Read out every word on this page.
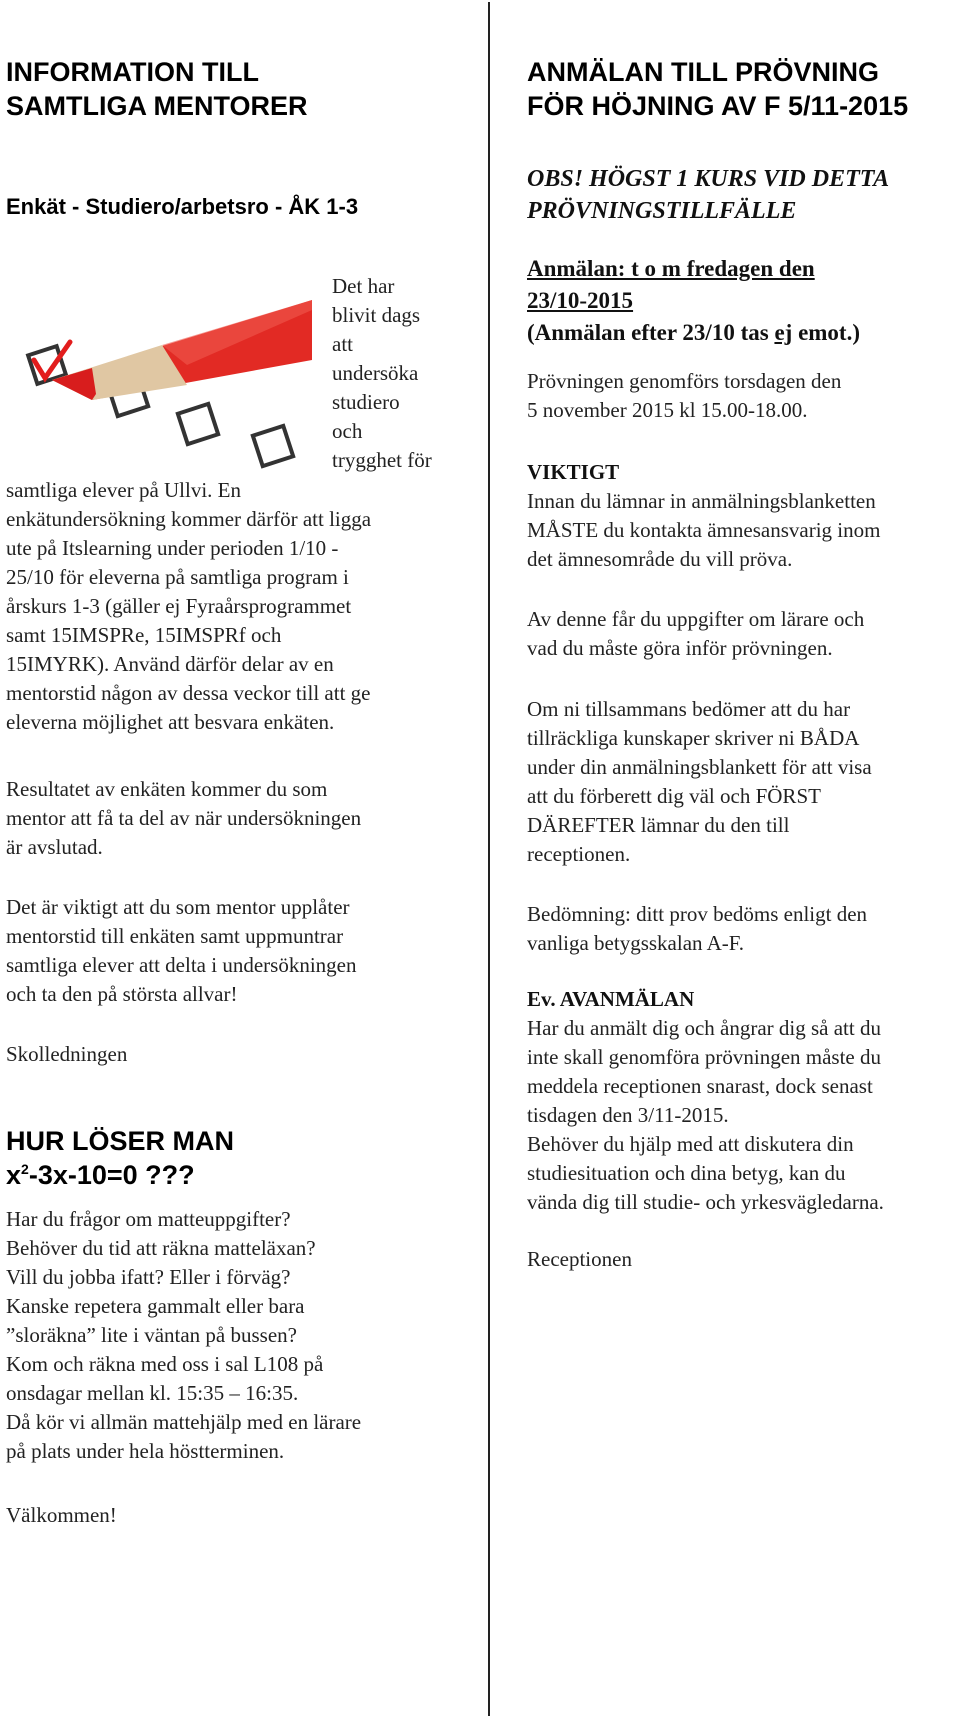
INFORMATION TILL
SAMTLIGA MENTORER
Enkät - Studiero/arbetsro - ÅK 1-3

Det har
blivit dags
att
undersöka
studiero
och
trygghet för

samtliga elever på Ullvi. En
enkätundersökning kommer därför att ligga
ute på Itslearning under perioden 1/10 -
25/10 för eleverna på samtliga program i
årskurs 1-3 (gäller ej Fyraårsprogrammet
samt 15IMSPRe, 15IMSPRf och
15IMYRK). Använd därför delar av en
mentorstid någon av dessa veckor till att ge
eleverna möjlighet att besvara enkäten.

Resultatet av enkäten kommer du som
mentor att få ta del av när undersökningen
är avslutad.

Det är viktigt att du som mentor upplåter
mentorstid till enkäten samt uppmuntrar
samtliga elever att delta i undersökningen
och ta den på största allvar!

Skolledningen

HUR LÖSER MAN
$x^2-3x-10=0$ ???

Har du frågor om matteuppgifter?
Behöver du tid att räkna matteläxan?
Vill du jobba ifatt? Eller i förväg?
Kanske repetera gammalt eller bara
”sloräkna” lite i väntan på bussen?
Kom och räkna med oss i sal L108 på
onsdagar mellan kl. 15:35 – 16:35.
Då kör vi allmän mattehjälp med en lärare
på plats under hela höstterminen.

Välkommen!

ANMÄLAN TILL PRÖVNING
FÖR HÖJNING AV F 5/11-2015

OBS! HÖGST 1 KURS VID DETTA
PRÖVNINGSTILLFÄLLE

Anmälan: t o m fredagen den
23/10-2015
(Anmälan efter 23/10 tas ej emot.)

Prövningen genomförs torsdagen den
5 november 2015 kl 15.00-18.00.

VIKTIGT
Innan du lämnar in anmälningsblanketten
MÅSTE du kontakta ämnesansvarig inom
det ämnesområde du vill pröva.

Av denne får du uppgifter om lärare och
vad du måste göra inför prövningen.

Om ni tillsammans bedömer att du har
tillräckliga kunskaper skriver ni BÅDA
under din anmälningsblankett för att visa
att du förberett dig väl och FÖRST
DÄREFTER lämnar du den till
receptionen.

Bedömning: ditt prov bedöms enligt den
vanliga betygsskalan A-F.

Ev. AVANMÄLAN
Har du anmält dig och ångrar dig så att du
inte skall genomföra prövningen måste du
meddela receptionen snarast, dock senast
tisdagen den 3/11-2015.
Behöver du hjälp med att diskutera din
studiesituation och dina betyg, kan du
vända dig till studie- och yrkesvägledarna.

Receptionen
